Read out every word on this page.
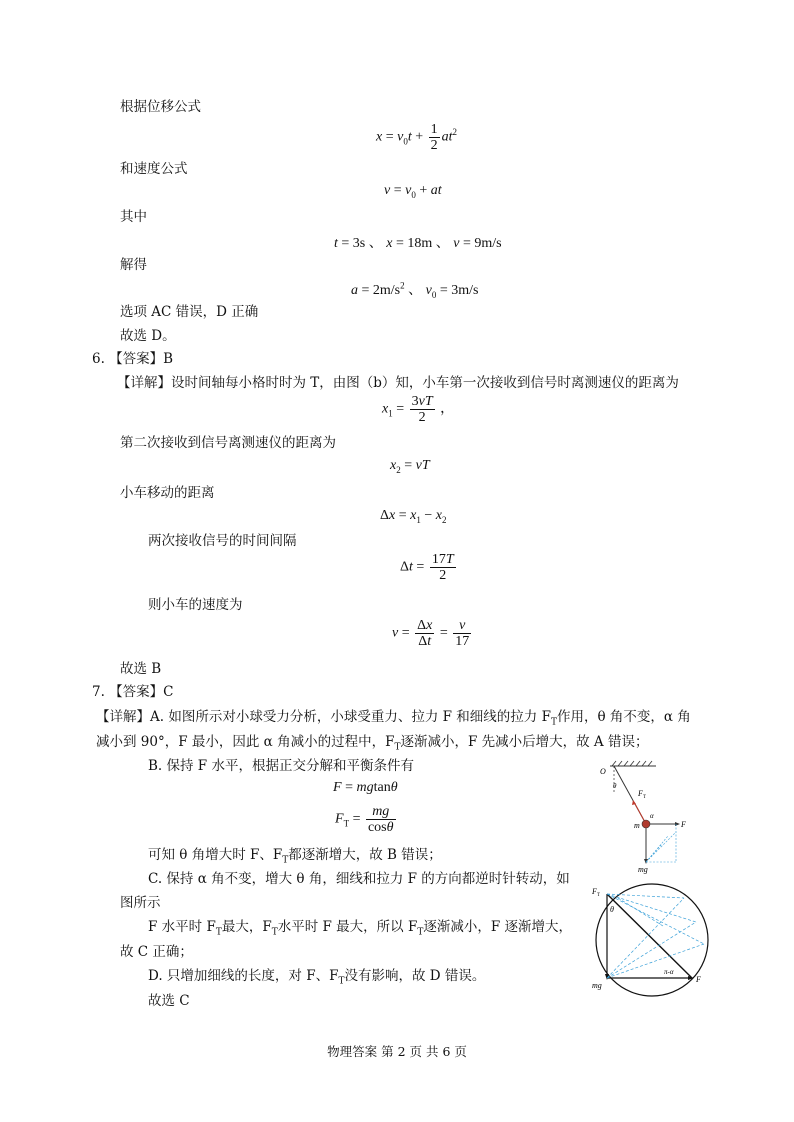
根据位移公式
$x = v_0t + \frac{1}{2} at^2$
和速度公式
$v = v_0$ + at
其中
t = 3s 、 x = 18m 、 v = 9m/s
解得
$a = 2m/s^2$ 、 $v_0 = 3m/s$
选项 AC 错误，D 正确
故选 D。
6. 【答案】B
【详解】设时间轴每小格时时为 T，由图（b）知，小车第一次接收到信号时离测速仪的距离为
$x_1 = \frac{3vT}{2}$ ，
第二次接收到信号离测速仪的距离为
$x_2$ = vT
小车移动的距离
$\Delta x = x_1 - x_2$
两次接收信号的时间间隔
$\Delta t = \frac{17T}{2}$
则小车的速度为
$v = \frac{\Delta x}{\Delta t} = \frac{v}{17}$
故选 B
7. 【答案】C
【详解】A. 如图所示对小球受力分析，小球受重力、拉力 F 和细线的拉力 $F_T$作用，θ 角不变，α 角
减小到 90°，F 最小，因此 α 角减小的过程中，$F_T$逐渐减小，F 先减小后增大，故 A 错误；
B. 保持 F 水平，根据正交分解和平衡条件有
F = mgtanθ
$F_T = \frac{mg}{\cos\theta}$
可知 θ 角增大时 F、$F_T$都逐渐增大，故 B 错误；
C. 保持 α 角不变，增大 θ 角，细线和拉力 F 的方向都逆时针转动，如
图所示
F 水平时 $F_T$最大，$F_T$水平时 F 最大，所以 $F_T$逐渐减小，F 逐渐增大，
故 C 正确；
D. 只增加细线的长度，对 F、$F_T$没有影响，故 D 错误。
故选 C
O
θ
F T
F
mg
m
α
F T
θ
mg
π-α
F
物理答案 第 2 页 共 6 页
